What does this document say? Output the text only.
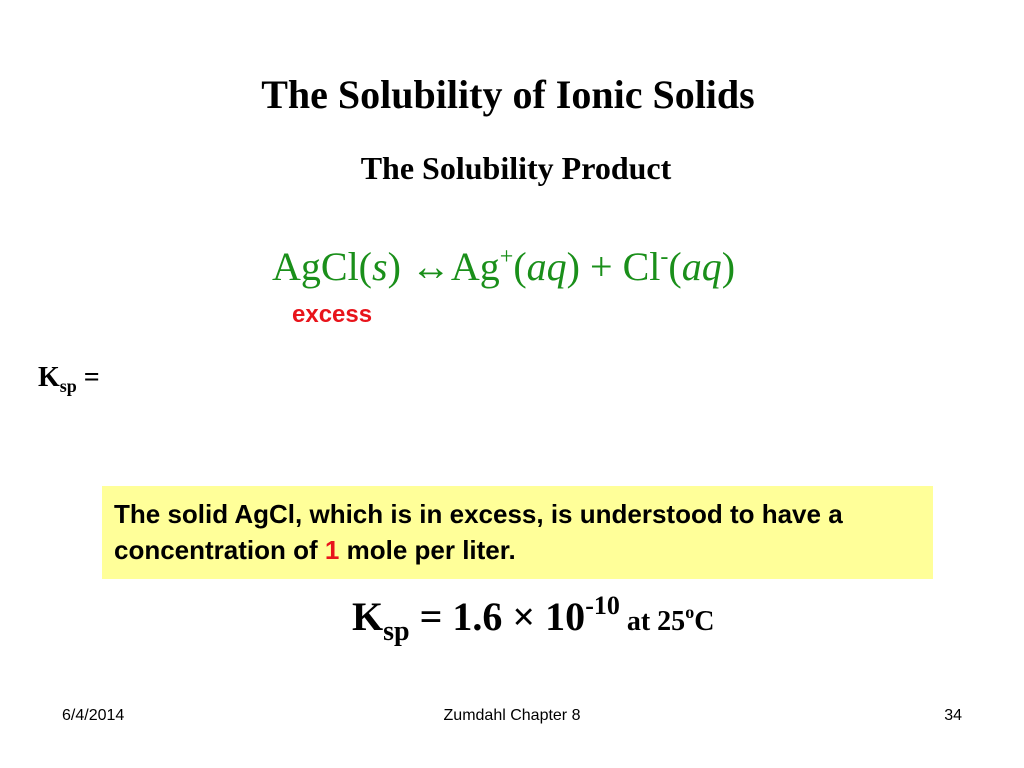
The Solubility of Ionic Solids
The Solubility Product
AgCl(s) ↔Ag+(aq) + Cl-(aq)
excess
$K_{sp}$ =
The solid AgCl, which is in excess, is understood to have a concentration of 1 mole per liter.
$K_{sp} = 1.6 \times 10^{-10}$ at 25$^o$C
6/4/2014	Zumdahl Chapter 8	34
